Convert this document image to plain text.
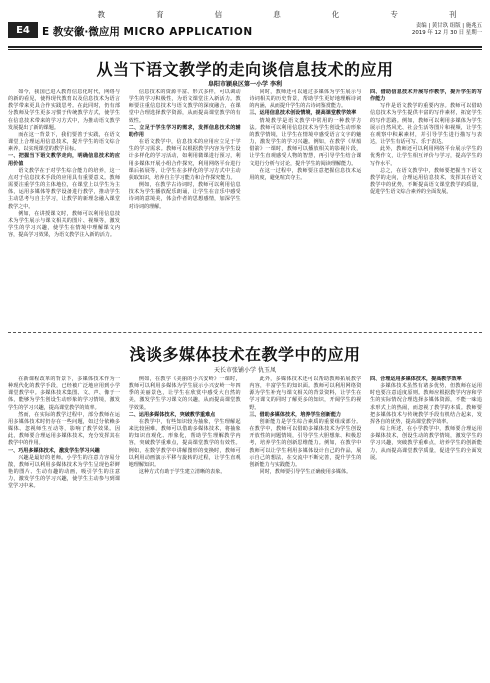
教	育	信	息	化	专	刊
E4	E 教安徽·微应用 MICRO APPLICATION	责编 | 黄甘玖 组版 | 施兆五
2019 年 12 月 30 日 星期一
从当下语文教学的走向谈信息技术的应用
阜阳市颍泉区第一小学 李利

如今，我国已进入教育信息化时代，网络与的新的看见，使得现代教育以及信息技术为语言教学带来更具合作实践思考。在此同时，仍有部分教师及学生更多习惯于传统教学方式，使学生在信息技术带来的学习方式中，为推动语文教学发展提出了新的课题。

而在这一背景下，我们要善于实践，在语文课堂上合理运用信息技术，提升学生的语文综合素养，以实现课堂的教学目标。

一、把握当下语文教学走向，明确信息技术的应用价值

语文教学在于对学生综合能力的培养，这一点对于信息技术手段的应用具有重要意义。教师需要注重学生的主体地位，在课堂上以学生为主体，运用多媒体等教学设备进行教学，推动学生主动思考与自主学习，让教学的新理念融入课堂教学之中。

例如，在讲授课文时，教师可以利用信息技术为学生展示与课文相关的图片、视频等，激发学生的学习兴趣，使学生在情境中理解课文内容，提高学习效果，为语文教学注入新的活力。

信息技术的资源丰富、形式多样，可以调动学生的学习积极性，为语文课堂注入新活力。教师要注重信息技术与语文教学的深度融合，在课堂中合理选择教学资源，从而提高课堂教学的有效性。

二、立足于学生学习的需求，发挥信息技术的辅助作用

在语文教学中，信息技术的应用应立足于学生的学习需求。教师可以根据教学内容为学生设计多样化的学习活动，如利用微课进行预习，利用多媒体开展小组合作探究，利用网络平台进行课后拓展等，让学生在多样化的学习方式中主动获取知识，培养自主学习能力和合作探究能力。

例如，在教学古诗词时，教师可以利用信息技术为学生播放配乐朗诵，让学生在音乐中感受诗词的意境美，体会作者的思想感情，加深学生对诗词的理解。

同时，教师还可以通过多媒体为学生展示与诗词相关的历史背景，帮助学生更好地理解诗词的内涵，从而提升学生的古诗词鉴赏能力。

三、运用信息技术创设情境，提高课堂教学效率

情境教学是语文教学中常用的一种教学方法。教师可以利用信息技术为学生创设生动形象的教学情境，让学生在情境中感受语言文字的魅力，激发学生的学习兴趣。例如，在教学《草船借箭》一课时，教师可以播放相关的影视片段，让学生直观感受人物的智慧，再引导学生结合课文进行分析与讨论，提升学生的阅读理解能力。

在这一过程中，教师要注意把握信息技术运用的度，避免喧宾夺主。

四、借助信息技术开展写作教学，提升学生的写作能力

写作是语文教学的重要内容。教师可以借助信息技术为学生提供丰富的写作素材，拓宽学生的写作思路。例如，教师可以利用多媒体为学生展示自然风光、社会生活等图片和视频，让学生在观察中积累素材，并引导学生进行描写与表达，让学生有话可写、乐于表达。

此外，教师还可以利用网络平台展示学生的优秀作文，让学生相互评价与学习，提高学生的写作水平。

总之，在语文教学中，教师要把握当下语文教学的走向，合理运用信息技术，发挥其在语文教学中的优势，不断提高语文课堂教学的质量，促进学生语文综合素养的全面发展。

浅谈多媒体技术在教学中的应用
天长市张铺小学 仇玉凤

在新课程改革的背景下，多媒体技术作为一种现代化的教学手段，已经被广泛地应用到小学课堂教学中。多媒体技术集图、文、声、像于一体，能够为学生创设生动形象的学习情境，激发学生的学习兴趣，提高课堂教学的效率。

然而，在实际的教学过程中，部分教师在运用多媒体技术时仍存在一些问题，如过分依赖多媒体、忽视师生互动等，影响了教学效果。因此，教师要合理运用多媒体技术，充分发挥其在教学中的作用。

一、巧用多媒体技术，激发学生学习兴趣

兴趣是最好的老师。小学生的注意力容易分散，教师可以利用多媒体技术为学生呈现色彩鲜艳的图片、生动有趣的动画，吸引学生的注意力，激发学生的学习兴趣，使学生主动参与到课堂学习中来。

例如，在教学《美丽的小兴安岭》一课时，教师可以利用多媒体为学生展示小兴安岭一年四季的美丽景色，让学生在欣赏中感受大自然的美，激发学生学习课文的兴趣，从而提高课堂教学效果。

二、运用多媒体技术，突破教学重难点

在教学中，有些知识较为抽象，学生理解起来比较困难。教师可以借助多媒体技术，将抽象的知识直观化、形象化，帮助学生理解教学内容，突破教学重难点，提高课堂教学的有效性。例如，在数学教学中讲解图形的变换时，教师可以利用动画演示平移与旋转的过程，让学生直观地理解知识。

这种方式有助于学生建立清晰的表象。

此外，多媒体技术还可以帮助教师拓展教学内容，丰富学生的知识面。教师可以利用网络资源为学生补充与课文相关的背景资料，让学生在学习课文的同时了解更多的知识，开阔学生的视野。

三、借助多媒体技术，培养学生创新能力

创新能力是学生综合素质的重要组成部分。在教学中，教师可以借助多媒体技术为学生创设开放性的问题情境，引导学生大胆想象、积极思考，培养学生的创新思维能力。例如，在教学中教师可以让学生利用多媒体设计自己的作品，展示自己的想法，在交流中不断完善，提升学生的创新能力与实践能力。

同时，教师要引导学生正确使用多媒体。

四、合理运用多媒体技术，提高教学效率

多媒体技术虽然有诸多优势，但教师在运用时也要注意适度原则。教师应根据教学内容和学生的实际情况合理选择多媒体资源，不能一味追求形式上的热闹，而忽视了教学的本质。教师要把多媒体技术与传统教学手段有机结合起来，发挥各自的优势，提高课堂教学效率。

综上所述，在小学教学中，教师要合理运用多媒体技术，创设生动的教学情境，激发学生的学习兴趣，突破教学重难点，培养学生的创新能力，从而提高课堂教学质量，促进学生的全面发展。
